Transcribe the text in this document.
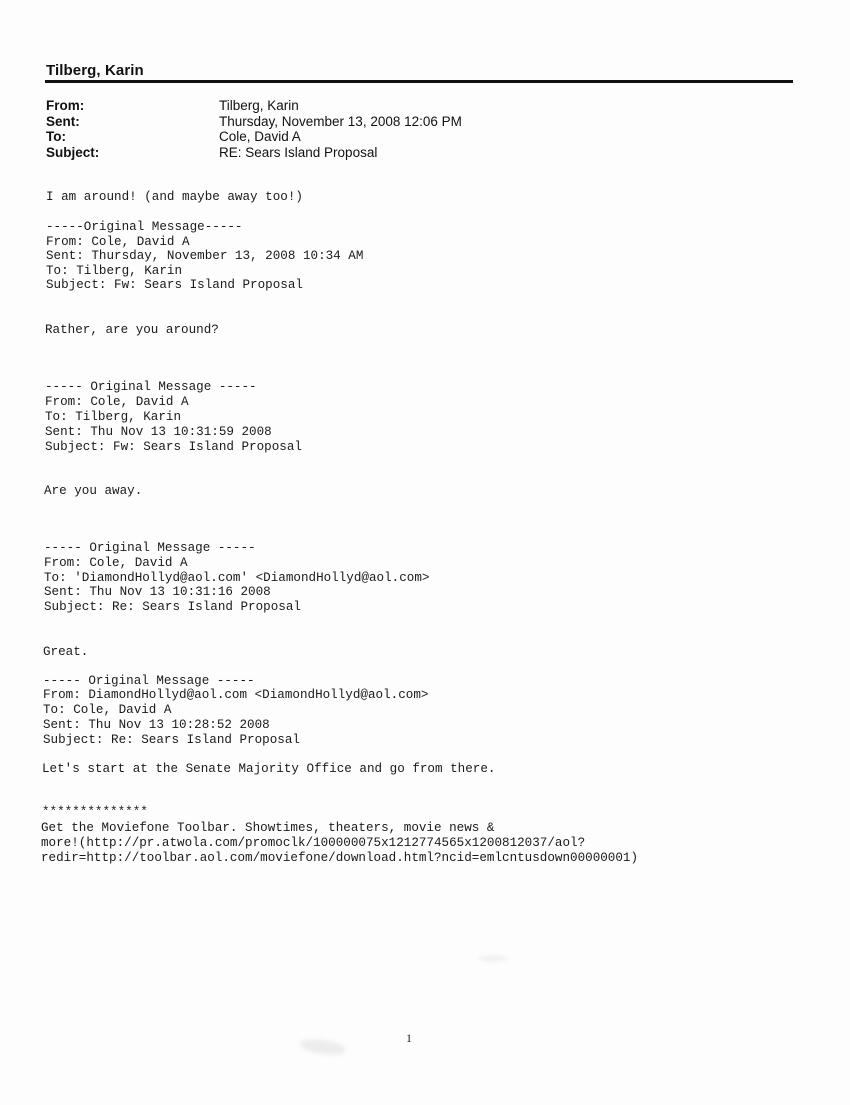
Tilberg, Karin
From:
Sent:
To:
Subject:
Tilberg, Karin
Thursday, November 13, 2008 12:06 PM
Cole, David A
RE: Sears Island Proposal
I am around! (and maybe away too!)
-----Original Message-----
From: Cole, David A
Sent: Thursday, November 13, 2008 10:34 AM
To: Tilberg, Karin
Subject: Fw: Sears Island Proposal
Rather, are you around?
----- Original Message -----
From: Cole, David A
To: Tilberg, Karin
Sent: Thu Nov 13 10:31:59 2008
Subject: Fw: Sears Island Proposal
Are you away.
----- Original Message -----
From: Cole, David A
To: 'DiamondHollyd@aol.com' <DiamondHollyd@aol.com>
Sent: Thu Nov 13 10:31:16 2008
Subject: Re: Sears Island Proposal
Great.
----- Original Message -----
From: DiamondHollyd@aol.com <DiamondHollyd@aol.com>
To: Cole, David A
Sent: Thu Nov 13 10:28:52 2008
Subject: Re: Sears Island Proposal
Let's start at the Senate Majority Office and go from there.
**************
Get the Moviefone Toolbar. Showtimes, theaters, movie news &
more!(http://pr.atwola.com/promoclk/100000075x1212774565x1200812037/aol?
redir=http://toolbar.aol.com/moviefone/download.html?ncid=emlcntusdown00000001)
1
